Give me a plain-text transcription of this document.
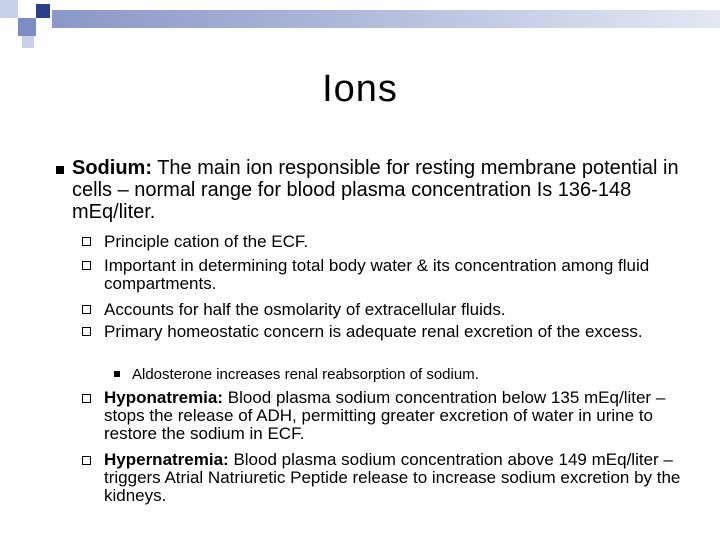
Ions
Sodium: The main ion responsible for resting membrane potential in cells – normal range for blood plasma concentration Is 136-148 mEq/liter.
Principle cation of the ECF.
Important in determining total body water & its concentration among fluid compartments.
Accounts for half the osmolarity of extracellular fluids.
Primary homeostatic concern is adequate renal excretion of the excess.
Aldosterone increases renal reabsorption of sodium.
Hyponatremia: Blood plasma sodium concentration below 135 mEq/liter – stops the release of ADH, permitting greater excretion of water in urine to restore the sodium in ECF.
Hypernatremia: Blood plasma sodium concentration above 149 mEq/liter – triggers Atrial Natriuretic Peptide release to increase sodium excretion by the kidneys.
